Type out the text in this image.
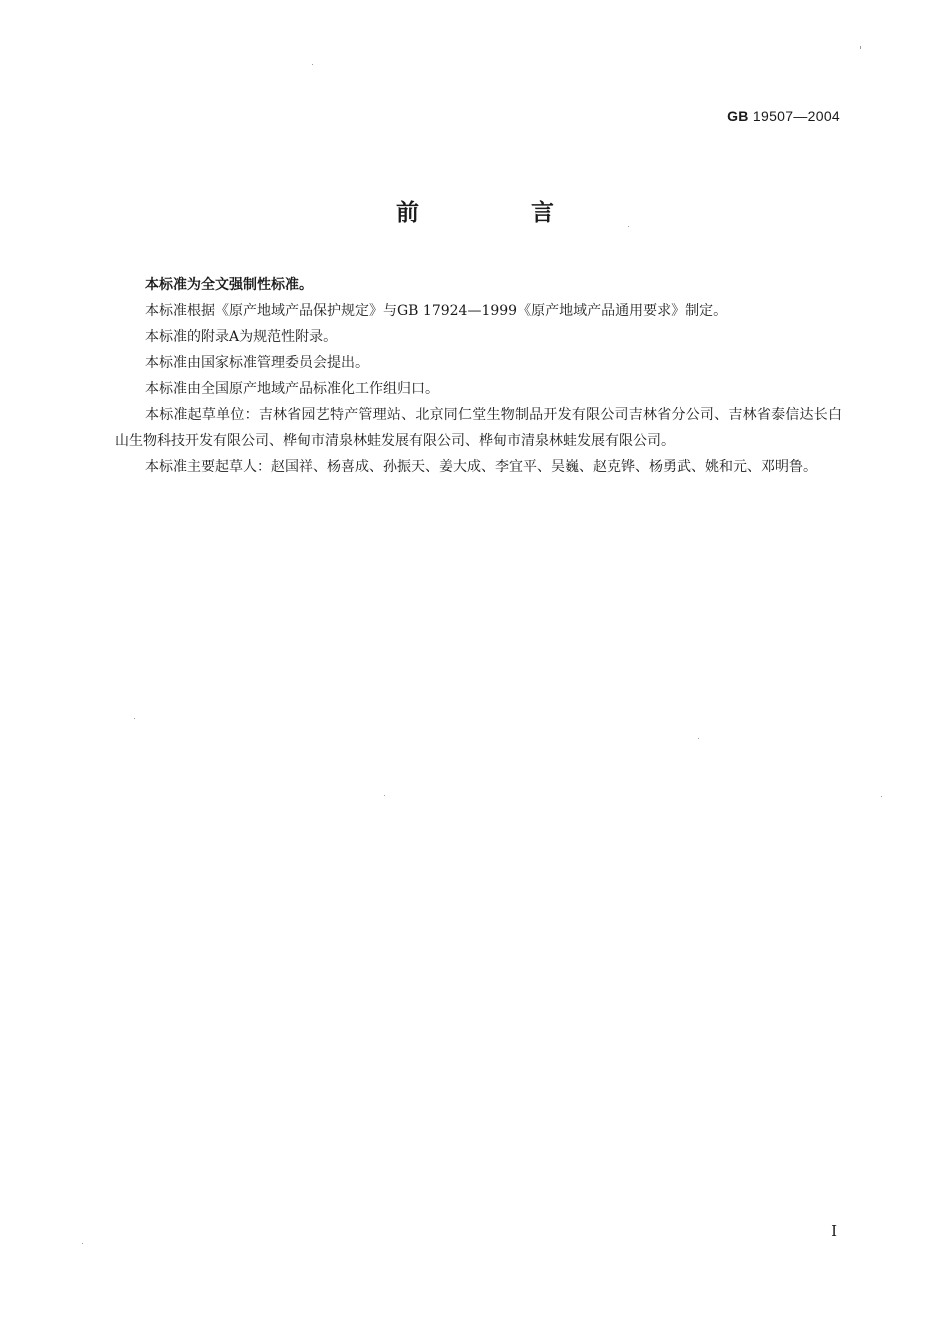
GB 19507—2004
前 言

本标准为全文强制性标准。

本标准根据《原产地域产品保护规定》与GB 17924—1999《原产地域产品通用要求》制定。

本标准的附录A为规范性附录。

本标准由国家标准管理委员会提出。

本标准由全国原产地域产品标准化工作组归口。

本标准起草单位：吉林省园艺特产管理站、北京同仁堂生物制品开发有限公司吉林省分公司、吉林省泰信达长白山生物科技开发有限公司、桦甸市清泉林蛙发展有限公司、桦甸市清泉林蛙发展有限公司。

本标准主要起草人：赵国祥、杨喜成、孙振天、姜大成、李宜平、吴巍、赵克铧、杨勇武、姚和元、邓明鲁。

I
